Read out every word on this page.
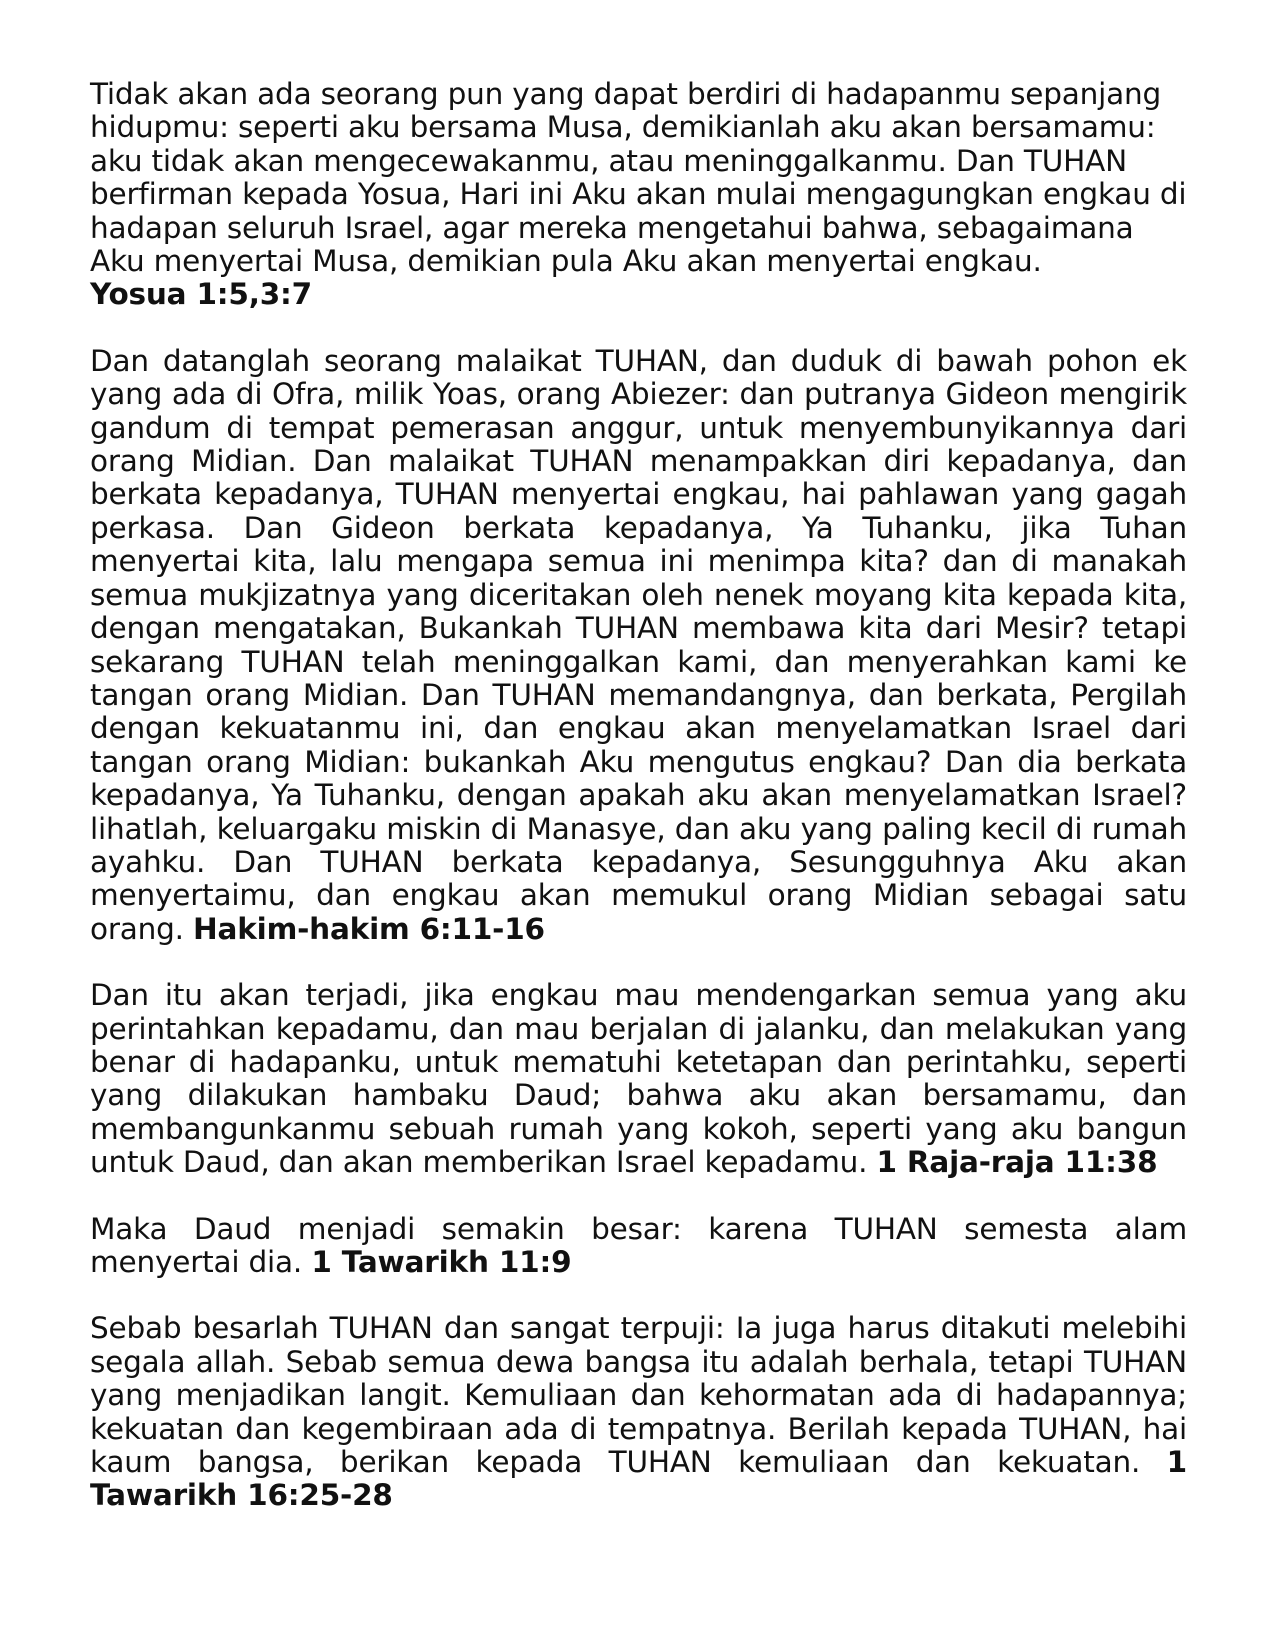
Tidak akan ada seorang pun yang dapat berdiri di hadapanmu sepanjang hidupmu: seperti aku bersama Musa, demikianlah aku akan bersamamu: aku tidak akan mengecewakanmu, atau meninggalkanmu. Dan TUHAN berfirman kepada Yosua, Hari ini Aku akan mulai mengagungkan engkau di hadapan seluruh Israel, agar mereka mengetahui bahwa, sebagaimana Aku menyertai Musa, demikian pula Aku akan menyertai engkau.
Yosua 1:5,3:7

Dan datanglah seorang malaikat TUHAN, dan duduk di bawah pohon ek yang ada di Ofra, milik Yoas, orang Abiezer: dan putranya Gideon mengirik gandum di tempat pemerasan anggur, untuk menyembunyikannya dari orang Midian. Dan malaikat TUHAN menampakkan diri kepadanya, dan berkata kepadanya, TUHAN menyertai engkau, hai pahlawan yang gagah perkasa. Dan Gideon berkata kepadanya, Ya Tuhanku, jika Tuhan menyertai kita, lalu mengapa semua ini menimpa kita? dan di manakah semua mukjizatnya yang diceritakan oleh nenek moyang kita kepada kita, dengan mengatakan, Bukankah TUHAN membawa kita dari Mesir? tetapi sekarang TUHAN telah meninggalkan kami, dan menyerahkan kami ke tangan orang Midian. Dan TUHAN memandangnya, dan berkata, Pergilah dengan kekuatanmu ini, dan engkau akan menyelamatkan Israel dari tangan orang Midian: bukankah Aku mengutus engkau? Dan dia berkata kepadanya, Ya Tuhanku, dengan apakah aku akan menyelamatkan Israel? lihatlah, keluargaku miskin di Manasye, dan aku yang paling kecil di rumah ayahku. Dan TUHAN berkata kepadanya, Sesungguhnya Aku akan menyertaimu, dan engkau akan memukul orang Midian sebagai satu orang. Hakim-hakim 6:11-16

Dan itu akan terjadi, jika engkau mau mendengarkan semua yang aku perintahkan kepadamu, dan mau berjalan di jalanku, dan melakukan yang benar di hadapanku, untuk mematuhi ketetapan dan perintahku, seperti yang dilakukan hambaku Daud; bahwa aku akan bersamamu, dan membangunkanmu sebuah rumah yang kokoh, seperti yang aku bangun untuk Daud, dan akan memberikan Israel kepadamu. 1 Raja-raja 11:38

Maka Daud menjadi semakin besar: karena TUHAN semesta alam menyertai dia. 1 Tawarikh 11:9

Sebab besarlah TUHAN dan sangat terpuji: Ia juga harus ditakuti melebihi segala allah. Sebab semua dewa bangsa itu adalah berhala, tetapi TUHAN yang menjadikan langit. Kemuliaan dan kehormatan ada di hadapannya; kekuatan dan kegembiraan ada di tempatnya. Berilah kepada TUHAN, hai kaum bangsa, berikan kepada TUHAN kemuliaan dan kekuatan. 1 Tawarikh 16:25-28
